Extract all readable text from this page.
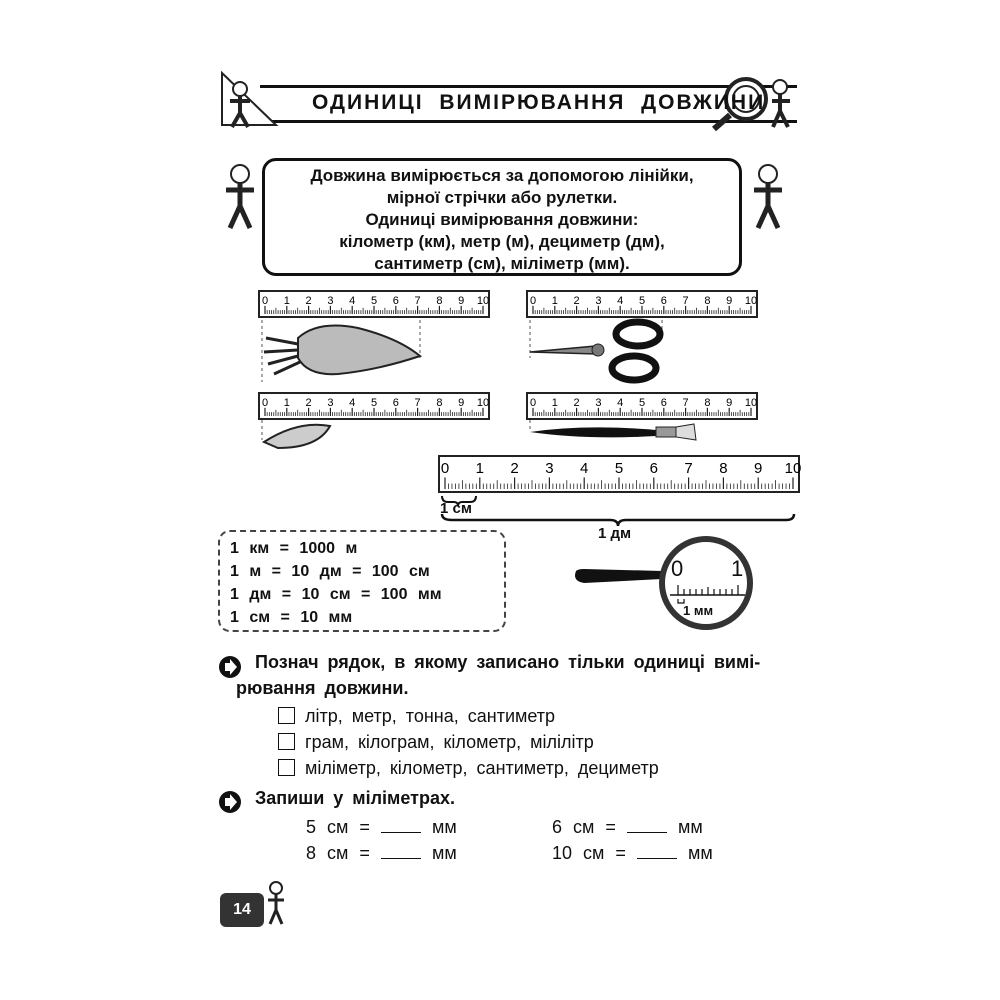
ОДИНИЦІ ВИМІРЮВАННЯ ДОВЖИНИ
Довжина вимірюється за допомогою лінійки,
мірної стрічки або рулетки.
Одиниці вимірювання довжини:
кілометр (км), метр (м), дециметр (дм),
сантиметр (см), міліметр (мм).
0 1 2 3 4 5 6 7 8 9 10	0 1 2 3 4 5 6 7 8 9 10
0 1 2 3 4 5 6 7 8 9 10	0 1 2 3 4 5 6 7 8 9 10
0 1 2 3 4 5 6 7 8 9 10
1 см
1 дм
1 км = 1000 м
1 м = 10 дм = 100 см
1 дм = 10 см = 100 мм
1 см = 10 мм
0 1
1 мм
Познач рядок, в якому записано тільки одиниці вимі-
рювання довжини.
літр, метр, тонна, сантиметр
грам, кілограм, кілометр, мілілітр
міліметр, кілометр, сантиметр, дециметр
Запиши у міліметрах.
5 см =	мм	6 см =	мм
8 см =	мм	10 см =	мм
14
